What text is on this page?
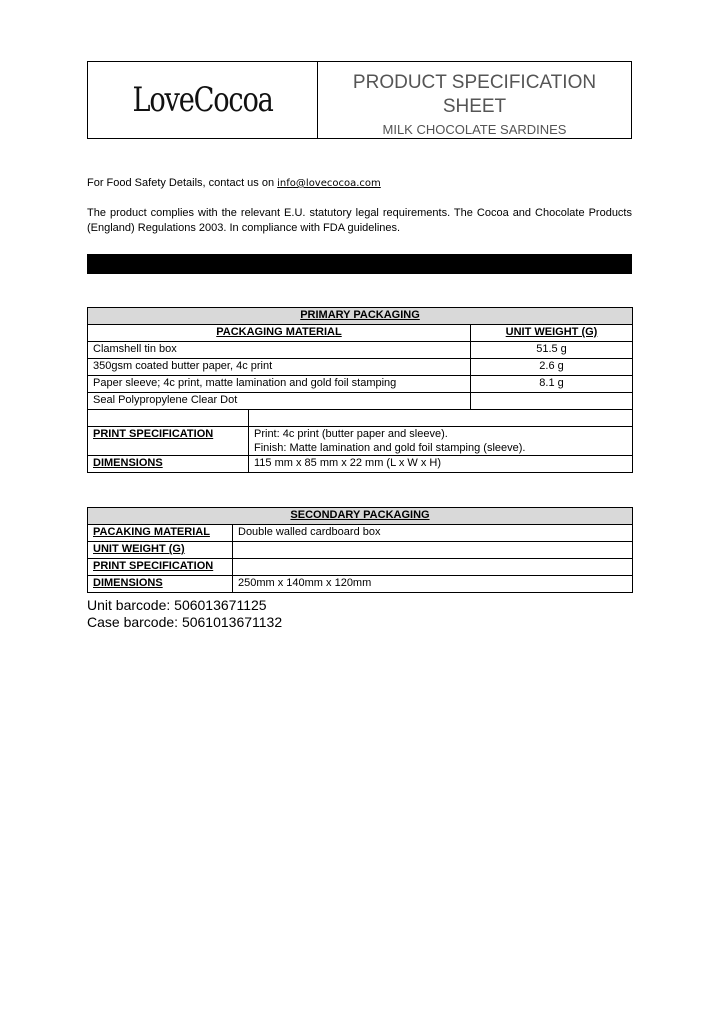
LoveCocoa	PRODUCT SPECIFICATION SHEET
MILK CHOCOLATE SARDINES
For Food Safety Details, contact us on info@lovecocoa.com
The product complies with the relevant E.U. statutory legal requirements. The Cocoa and Chocolate Products (England) Regulations 2003. In compliance with FDA guidelines.
PRIMARY PACKAGING		
PACKAGING MATERIAL		UNIT WEIGHT (G)
Clamshell tin box		51.5 g
350gsm coated butter paper, 4c print		2.6 g
Paper sleeve; 4c print, matte lamination and gold foil stamping		8.1 g
Seal Polypropylene Clear Dot		

PRINT SPECIFICATION	Print: 4c print (butter paper and sleeve).
Finish: Matte lamination and gold foil stamping (sleeve).	

DIMENSIONS	115 mm x 85 mm x 22 mm (L x W x H)	
SECONDARY PACKAGING	
PACAKING MATERIAL	Double walled cardboard box
UNIT WEIGHT (G)	
PRINT SPECIFICATION	
DIMENSIONS	250mm x 140mm x 120mm
Unit barcode: 506013671125
Case barcode: 5061013671132
